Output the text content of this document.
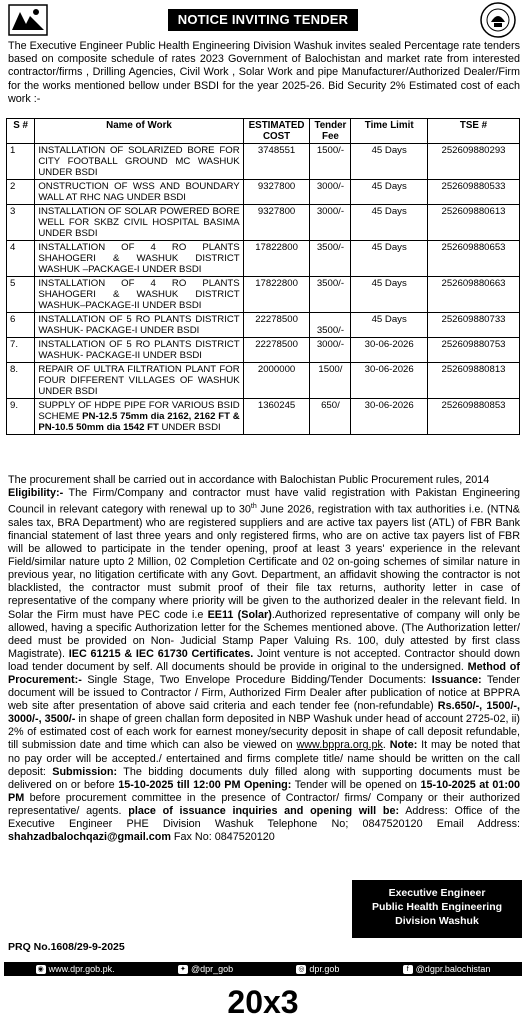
NOTICE INVITING TENDER
The Executive Engineer Public Health Engineering Division Washuk invites sealed Percentage rate tenders based on composite schedule of rates 2023 Government of Balochistan and market rate from interested contractor/firms , Drilling Agencies, Civil Work , Solar Work and pipe Manufacturer/Authorized Dealer/Firm for the works mentioned bellow under BSDI for the year 2025-26. Bid Security 2% Estimated cost of each work :-
S #	Name of Work	ESTIMATED COST	Tender Fee	Time Limit	TSE #
1	INSTALLATION OF SOLARIZED BORE FOR CITY FOOTBALL GROUND MC WASHUK UNDER BSDI	3748551	1500/-	45 Days	252609880293
2	ONSTRUCTION OF WSS AND BOUNDARY WALL AT RHC NAG UNDER BSDI	9327800	3000/-	45 Days	252609880533
3	INSTALLATION OF SOLAR POWERED BORE WELL FOR SKBZ CIVIL HOSPITAL BASIMA UNDER BSDI	9327800	3000/-	45 Days	252609880613
4	INSTALLATION OF 4 RO PLANTS SHAHOGERI & WASHUK DISTRICT WASHUK –PACKAGE-I UNDER BSDI	17822800	3500/-	45 Days	252609880653
5	INSTALLATION OF 4 RO PLANTS SHAHOGERI & WASHUK DISTRICT WASHUK–PACKAGE-II UNDER BSDI	17822800	3500/-	45 Days	252609880663
6	INSTALLATION OF 5 RO PLANTS DISTRICT WASHUK- PACKAGE-I UNDER BSDI	22278500	3500/-	45 Days	252609880733
7.	INSTALLATION OF 5 RO PLANTS DISTRICT WASHUK- PACKAGE-II UNDER BSDI	22278500	3000/-	30-06-2026	252609880753
8.	REPAIR OF ULTRA FILTRATION PLANT FOR FOUR DIFFERENT VILLAGES OF WASHUK UNDER BSDI	2000000	1500/	30-06-2026	252609880813
9.	SUPPLY OF HDPE PIPE FOR VARIOUS BSID SCHEME PN-12.5 75mm dia 2162, 2162 FT & PN-10.5 50mm dia 1542 FT UNDER BSDI	1360245	650/	30-06-2026	252609880853
The procurement shall be carried out in accordance with Balochistan Public Procurement rules, 2014
Eligibility:- The Firm/Company and contractor must have valid registration with Pakistan Engineering Council in relevant category with renewal up to 30th June 2026, registration with tax authorities i.e. (NTN& sales tax, BRA Department) who are registered suppliers and are active tax payers list (ATL) of FBR Bank financial statement of last three years and only registered firms, who are on active tax payers list of FBR will be allowed to participate in the tender opening, proof at least 3 years' experience in the relevant Field/similar nature upto 2 Million, 02 Completion Certificate and 02 on-going schemes of similar nature in previous year, no litigation certificate with any Govt. Department, an affidavit showing the contractor is not blacklisted, the contractor must submit proof of their file tax returns, authority letter in case of representative of the company where priority will be given to the authorized dealer in the relevant field. In Solar the Firm must have PEC code i.e EE11 (Solar).Authorized representative of company will only be allowed, having a specific Authorization letter for the Schemes mentioned above. (The Authorization letter/ deed must be provided on Non- Judicial Stamp Paper Valuing Rs. 100, duly attested by first class Magistrate). IEC 61215 & IEC 61730 Certificates. Joint venture is not accepted. Contractor should down load tender document by self. All documents should be provide in original to the undersigned. Method of Procurement:- Single Stage, Two Envelope Procedure Bidding/Tender Documents: Issuance: Tender document will be issued to Contractor / Firm, Authorized Firm Dealer after publication of notice at BPPRA web site after presentation of above said criteria and each tender fee (non-refundable) Rs.650/-, 1500/-, 3000/-, 3500/- in shape of green challan form deposited in NBP Washuk under head of account 2725-02, ii) 2% of estimated cost of each work for earnest money/security deposit in shape of call deposit refundable, till submission date and time which can also be viewed on www.bppra.org.pk. Note: It may be noted that no pay order will be accepted./ entertained and firms complete title/ name should be written on the call deposit: Submission: The bidding documents duly filled along with supporting documents must be delivered on or before 15-10-2025 till 12:00 PM Opening: Tender will be opened on 15-10-2025 at 01:00 PM before procurement committee in the presence of Contractor/ firms/ Company or their authorized representative/ agents. place of issuance inquiries and opening will be: Address: Office of the Executive Engineer PHE Division Washuk Telephone No; 0847520120 Email Address: shahzadbalochqazi@gmail.com Fax No: 0847520120
Executive Engineer
Public Health Engineering
Division Washuk
PRQ No.1608/29-9-2025
◉ www.dpr.gob.pk.	✦ @dpr_gob	◎ dpr.gob	f @dgpr.balochistan
20x3
